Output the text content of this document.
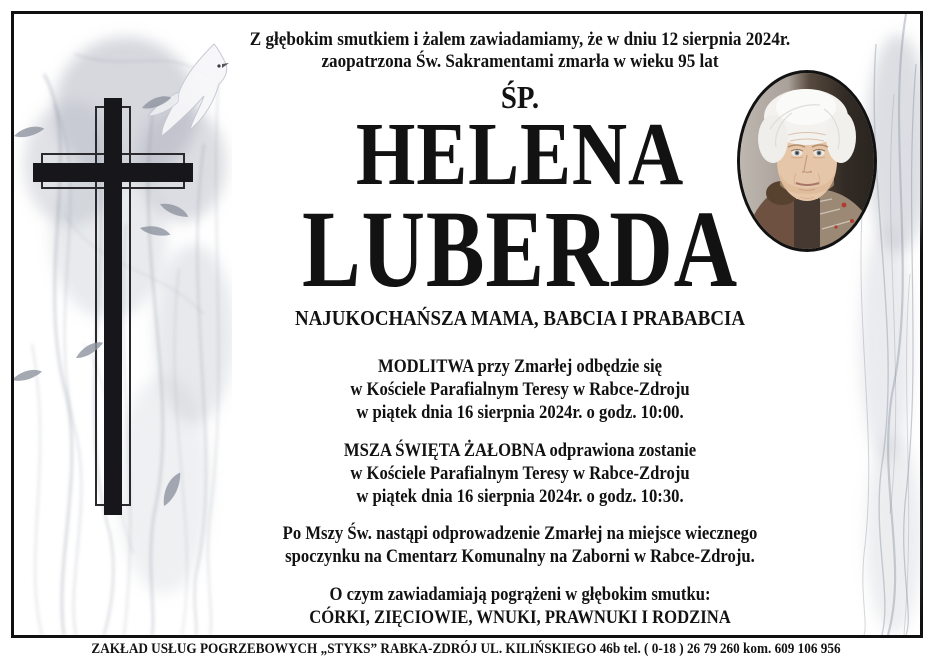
Z głębokim smutkiem i żalem zawiadamiamy, że w dniu 12 sierpnia 2024r.
zaopatrzona Św. Sakramentami zmarła w wieku 95 lat
ŚP.
HELENA
LUBERDA
NAJUKOCHAŃSZA MAMA, BABCIA I PRABABCIA
MODLITWA przy Zmarłej odbędzie się
w Kościele Parafialnym Teresy w Rabce-Zdroju
w piątek dnia 16 sierpnia 2024r. o godz. 10:00.
MSZA ŚWIĘTA ŻAŁOBNA odprawiona zostanie
w Kościele Parafialnym Teresy w Rabce-Zdroju
w piątek dnia 16 sierpnia 2024r. o godz. 10:30.
Po Mszy Św. nastąpi odprowadzenie Zmarłej na miejsce wiecznego
spoczynku na Cmentarz Komunalny na Zaborni w Rabce-Zdroju.
O czym zawiadamiają pogrążeni w głębokim smutku:
CÓRKI, ZIĘCIOWIE, WNUKI, PRAWNUKI I RODZINA
ZAKŁAD USŁUG POGRZEBOWYCH „STYKS” RABKA-ZDRÓJ UL. KILIŃSKIEGO 46b tel. ( 0-18 ) 26 79 260 kom. 609 106 956
